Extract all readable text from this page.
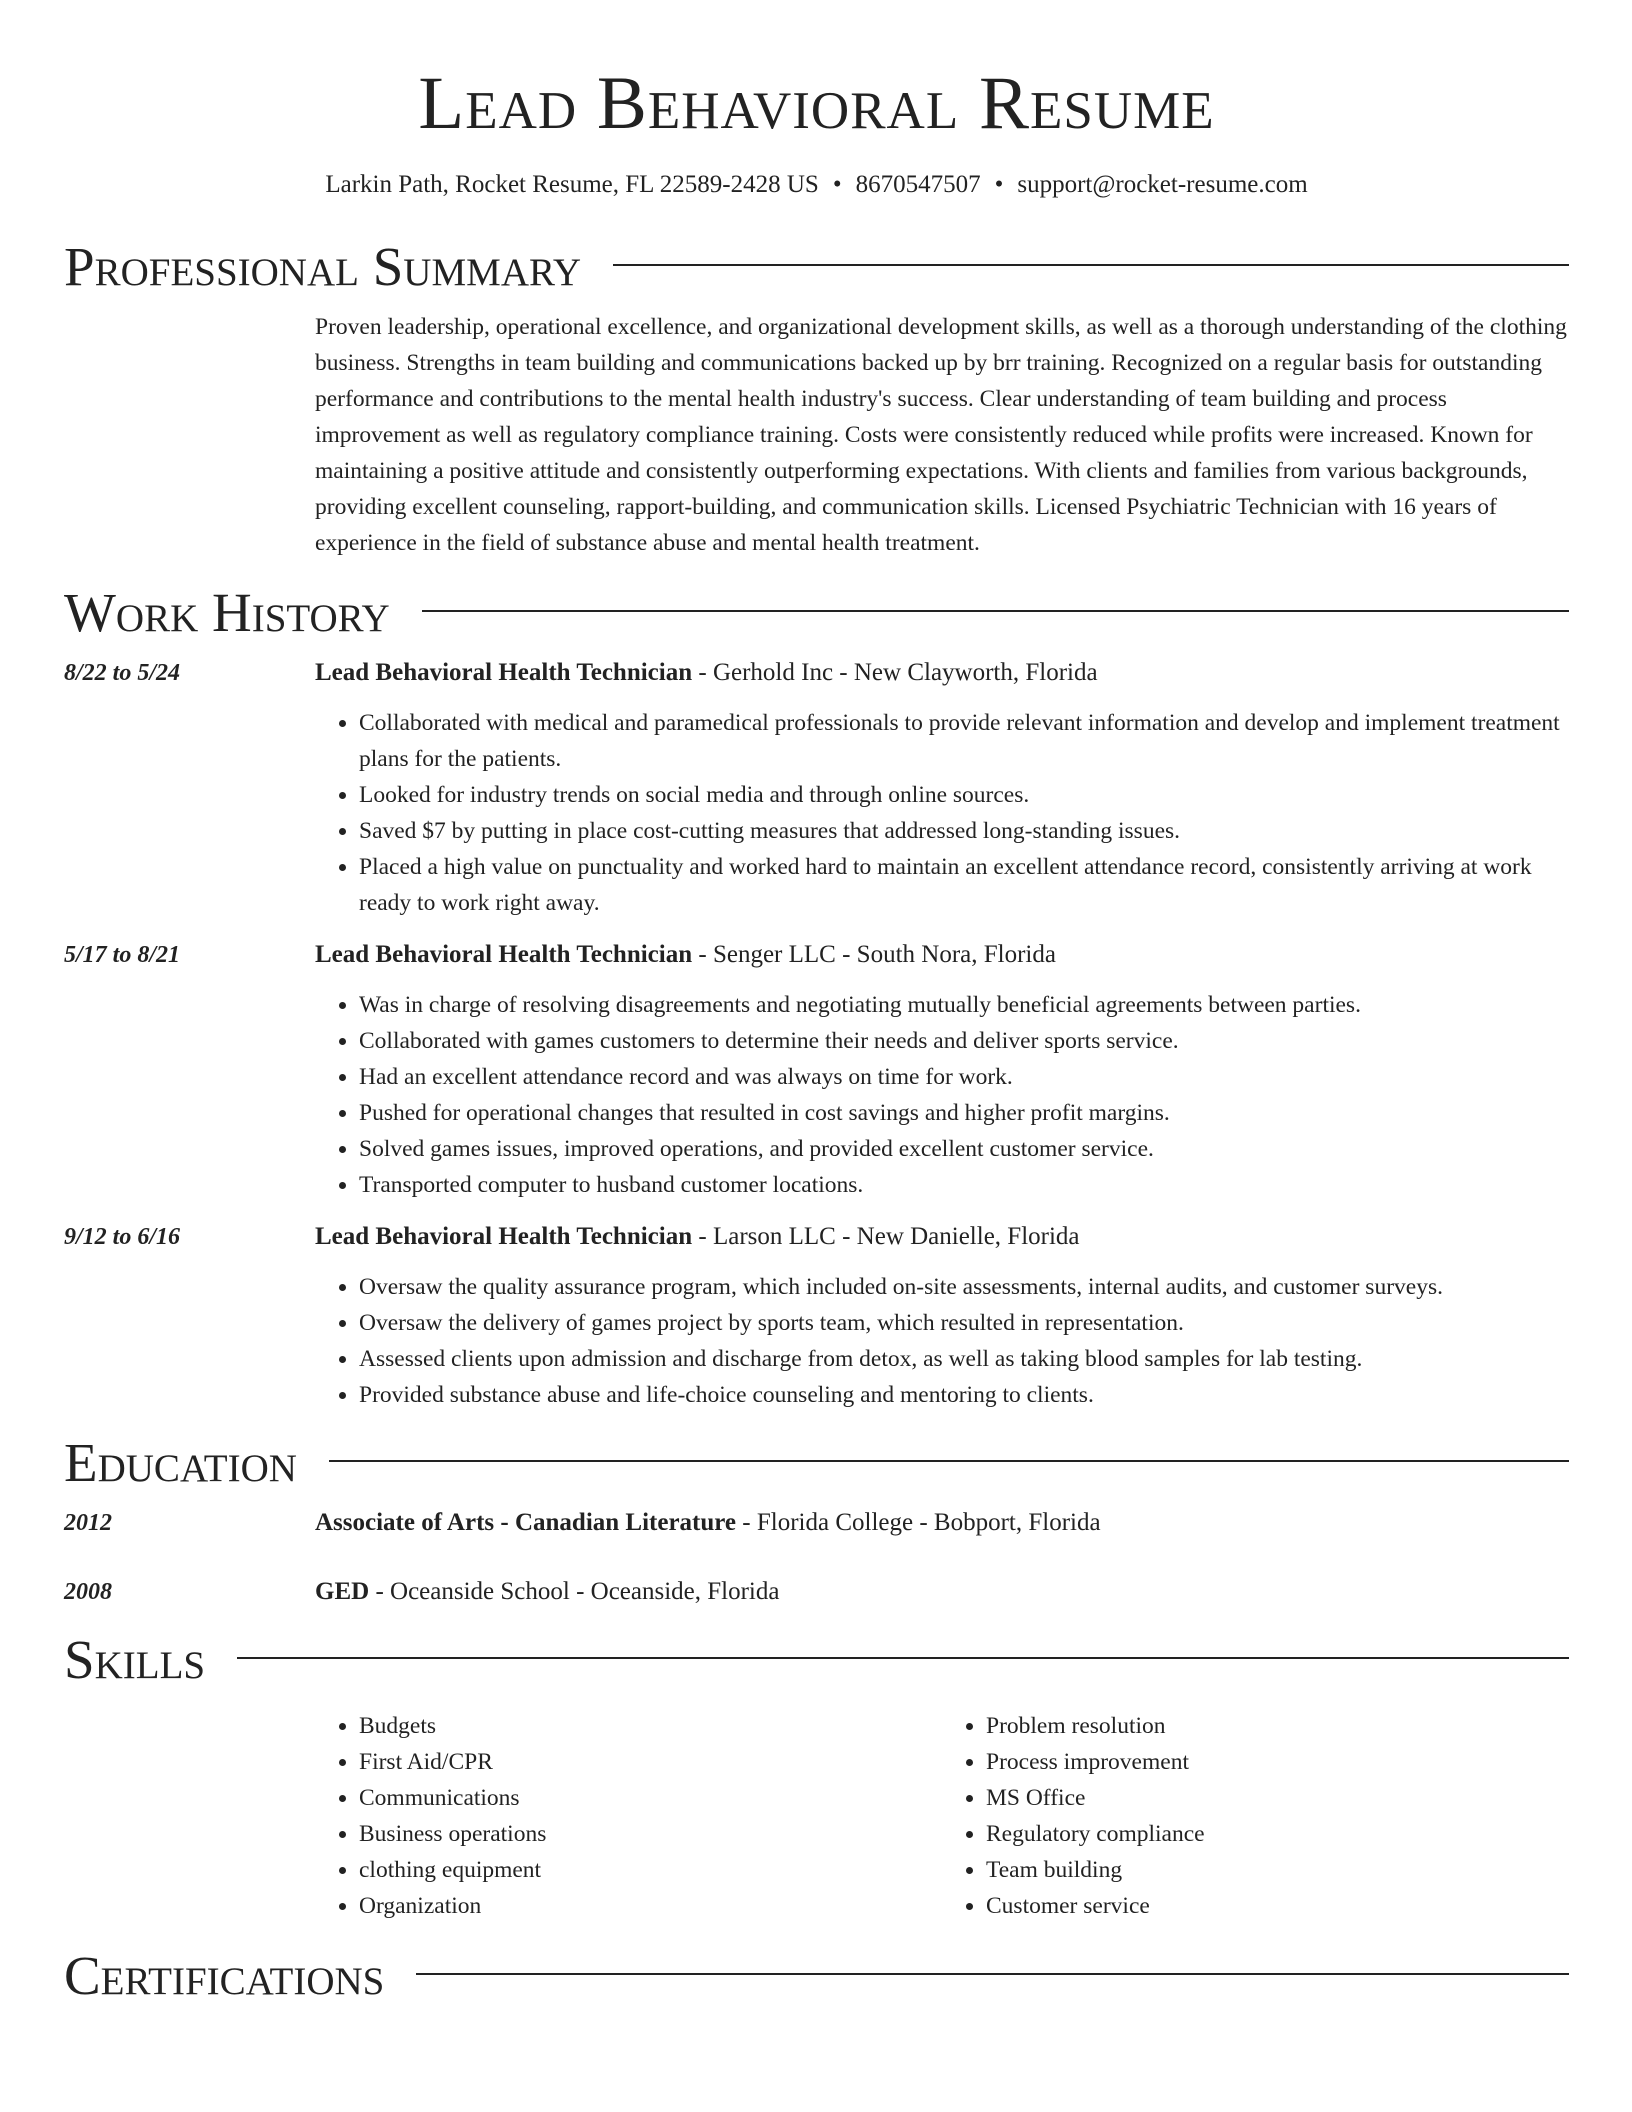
Lead Behavioral Resume
Larkin Path, Rocket Resume, FL 22589-2428 US • 8670547507 • support@rocket-resume.com
Professional Summary
Proven leadership, operational excellence, and organizational development skills, as well as a thorough understanding of the clothing business. Strengths in team building and communications backed up by brr training. Recognized on a regular basis for outstanding performance and contributions to the mental health industry's success. Clear understanding of team building and process improvement as well as regulatory compliance training. Costs were consistently reduced while profits were increased. Known for maintaining a positive attitude and consistently outperforming expectations. With clients and families from various backgrounds, providing excellent counseling, rapport-building, and communication skills. Licensed Psychiatric Technician with 16 years of experience in the field of substance abuse and mental health treatment.
Work History
8/22 to 5/24	Lead Behavioral Health Technician - Gerhold Inc - New Clayworth, Florida
• Collaborated with medical and paramedical professionals to provide relevant information and develop and implement treatment plans for the patients.
• Looked for industry trends on social media and through online sources.
• Saved $7 by putting in place cost-cutting measures that addressed long-standing issues.
• Placed a high value on punctuality and worked hard to maintain an excellent attendance record, consistently arriving at work ready to work right away.
5/17 to 8/21	Lead Behavioral Health Technician - Senger LLC - South Nora, Florida
• Was in charge of resolving disagreements and negotiating mutually beneficial agreements between parties.
• Collaborated with games customers to determine their needs and deliver sports service.
• Had an excellent attendance record and was always on time for work.
• Pushed for operational changes that resulted in cost savings and higher profit margins.
• Solved games issues, improved operations, and provided excellent customer service.
• Transported computer to husband customer locations.
9/12 to 6/16	Lead Behavioral Health Technician - Larson LLC - New Danielle, Florida
• Oversaw the quality assurance program, which included on-site assessments, internal audits, and customer surveys.
• Oversaw the delivery of games project by sports team, which resulted in representation.
• Assessed clients upon admission and discharge from detox, as well as taking blood samples for lab testing.
• Provided substance abuse and life-choice counseling and mentoring to clients.
Education
2012	Associate of Arts - Canadian Literature - Florida College - Bobport, Florida
2008	GED - Oceanside School - Oceanside, Florida
Skills
• Budgets
• First Aid/CPR
• Communications
• Business operations
• clothing equipment
• Organization
• Problem resolution
• Process improvement
• MS Office
• Regulatory compliance
• Team building
• Customer service
Certifications
